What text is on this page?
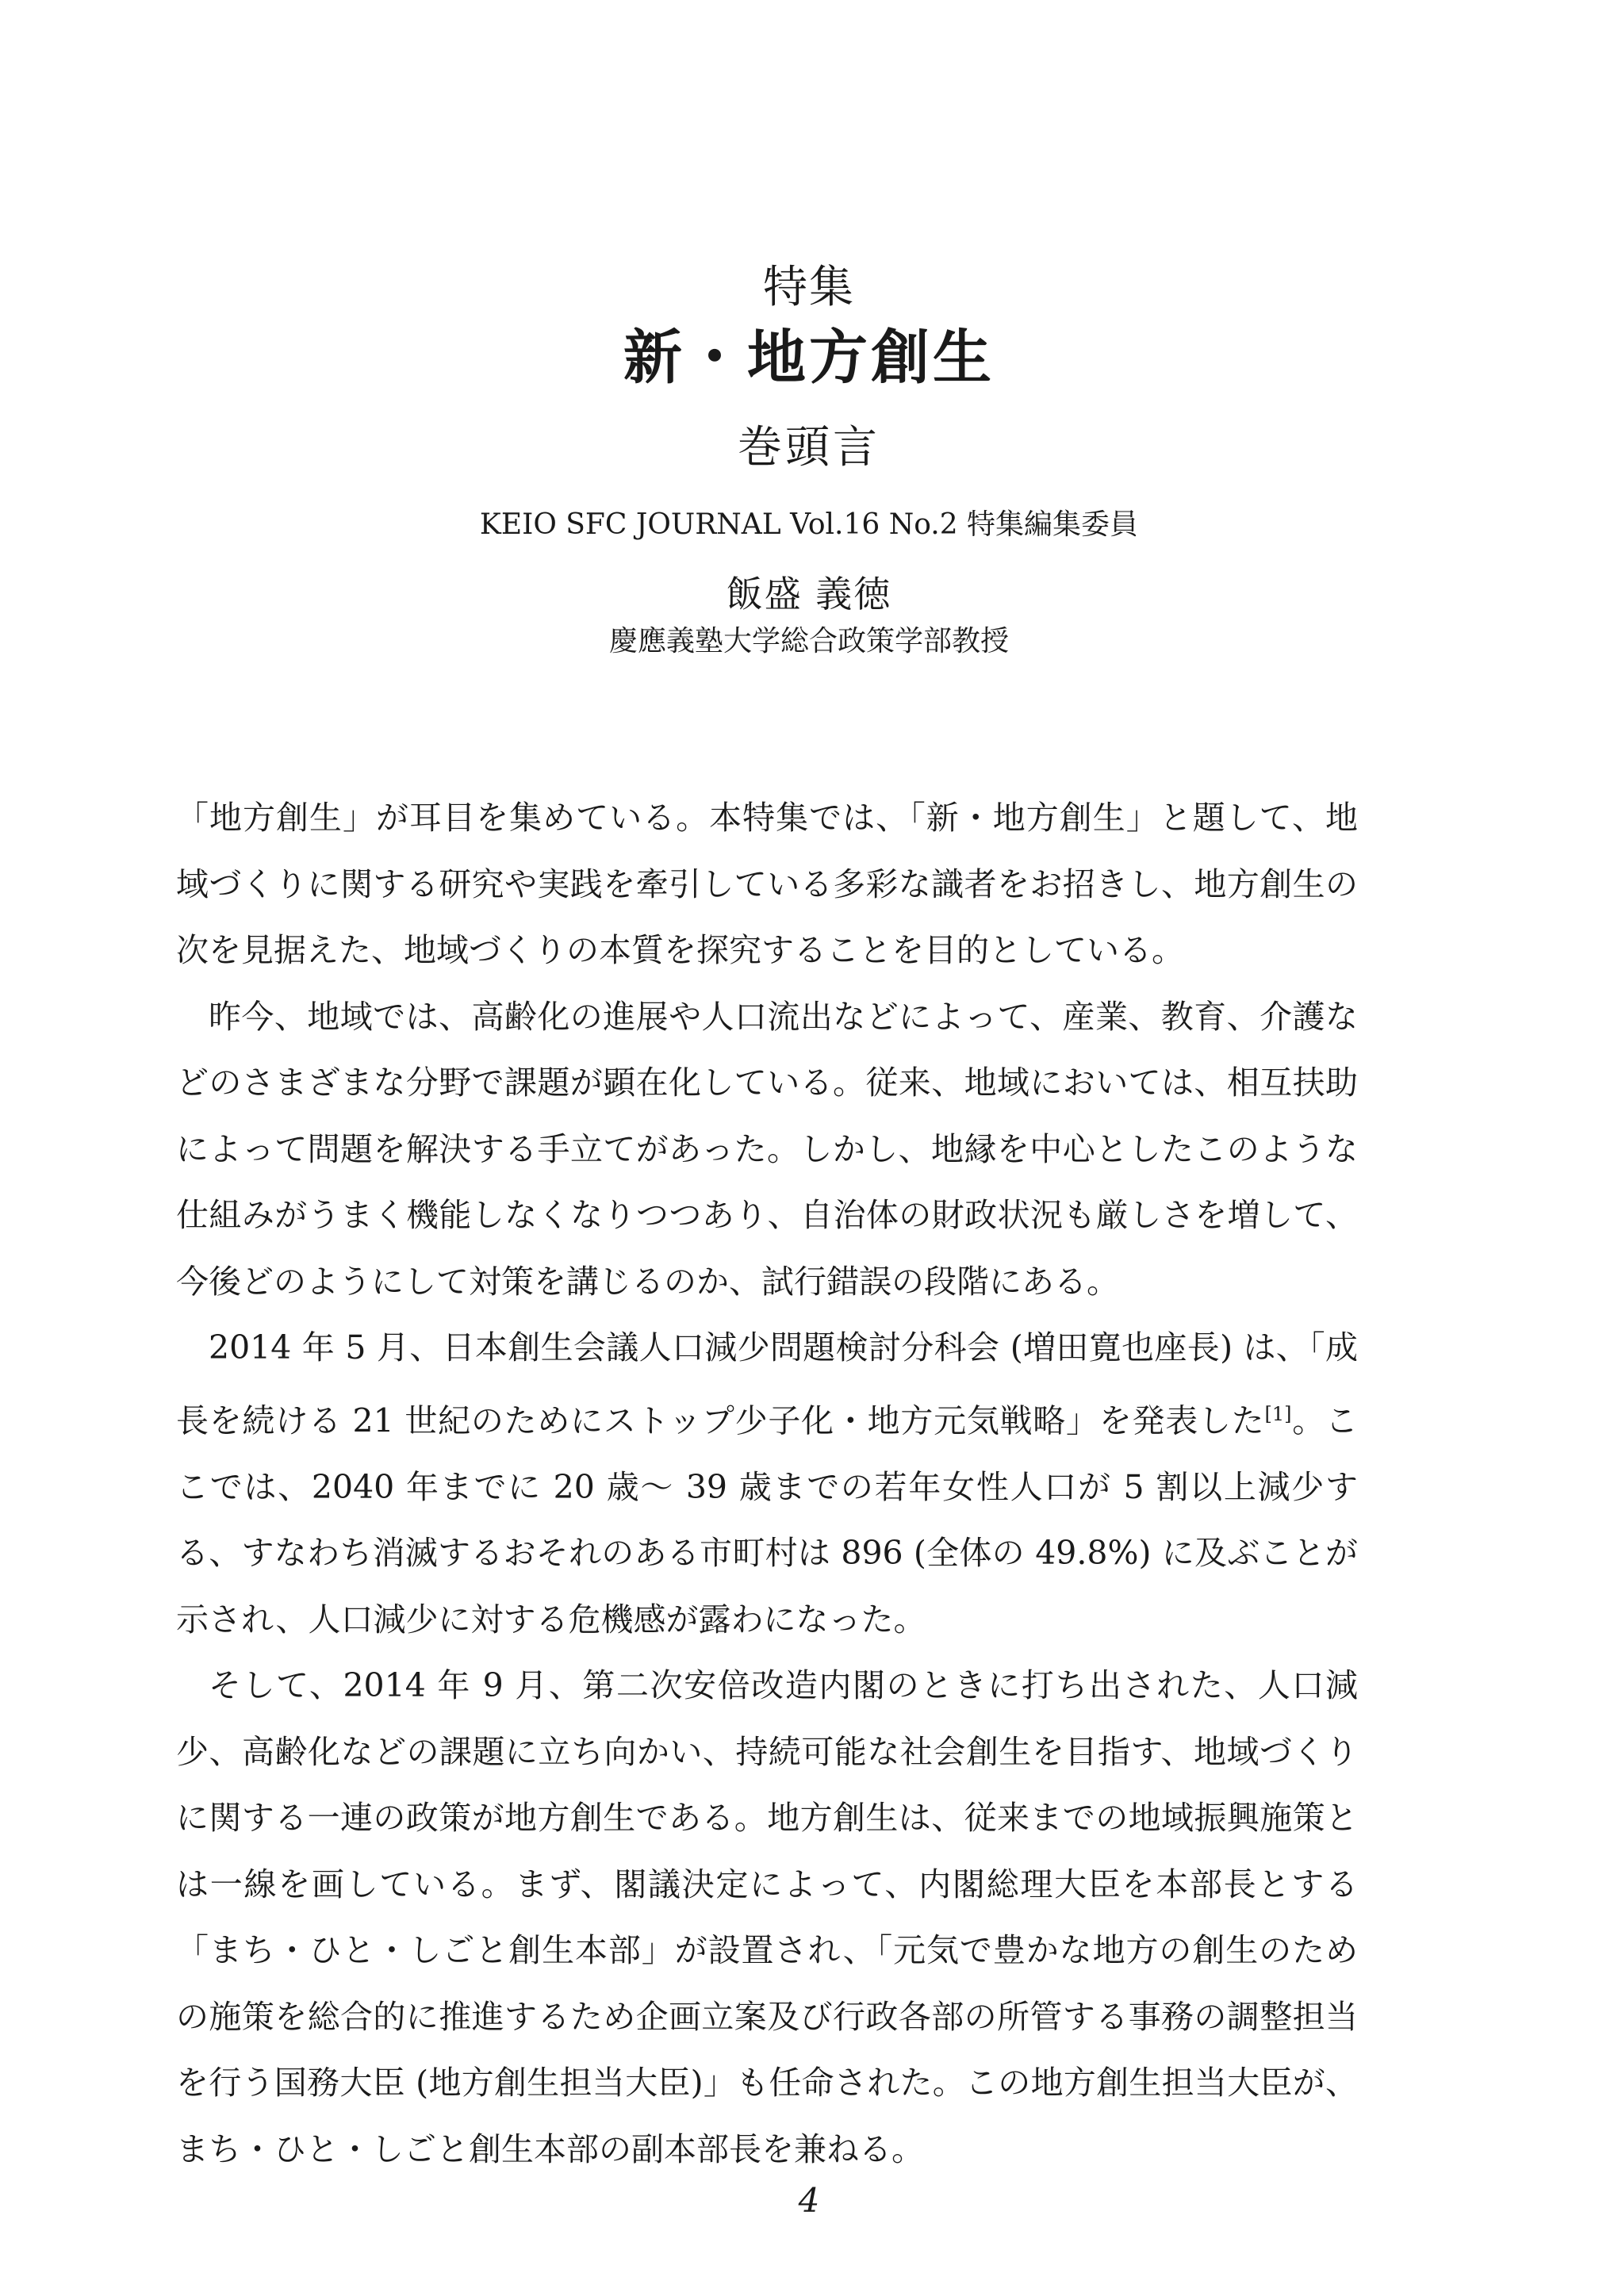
特集
新・地方創生
巻頭言
KEIO SFC JOURNAL Vol.16 No.2 特集編集委員
飯盛 義徳
慶應義塾大学総合政策学部教授

「地方創生」が耳目を集めている。本特集では、「新・地方創生」と題して、地域づくりに関する研究や実践を牽引している多彩な識者をお招きし、地方創生の次を見据えた、地域づくりの本質を探究することを目的としている。

昨今、地域では、高齢化の進展や人口流出などによって、産業、教育、介護などのさまざまな分野で課題が顕在化している。従来、地域においては、相互扶助によって問題を解決する手立てがあった。しかし、地縁を中心としたこのような仕組みがうまく機能しなくなりつつあり、自治体の財政状況も厳しさを増して、今後どのようにして対策を講じるのか、試行錯誤の段階にある。

2014 年 5 月、日本創生会議人口減少問題検討分科会 (増田寛也座長) は、「成長を続ける 21 世紀のためにストップ少子化・地方元気戦略」を発表した[1]。ここでは、2040 年までに 20 歳～ 39 歳までの若年女性人口が 5 割以上減少する、すなわち消滅するおそれのある市町村は 896 (全体の 49.8%) に及ぶことが示され、人口減少に対する危機感が露わになった。

そして、2014 年 9 月、第二次安倍改造内閣のときに打ち出された、人口減少、高齢化などの課題に立ち向かい、持続可能な社会創生を目指す、地域づくりに関する一連の政策が地方創生である。地方創生は、従来までの地域振興施策とは一線を画している。まず、閣議決定によって、内閣総理大臣を本部長とする「まち・ひと・しごと創生本部」が設置され、「元気で豊かな地方の創生のための施策を総合的に推進するため企画立案及び行政各部の所管する事務の調整担当を行う国務大臣 (地方創生担当大臣)」も任命された。この地方創生担当大臣が、まち・ひと・しごと創生本部の副本部長を兼ねる。

4
